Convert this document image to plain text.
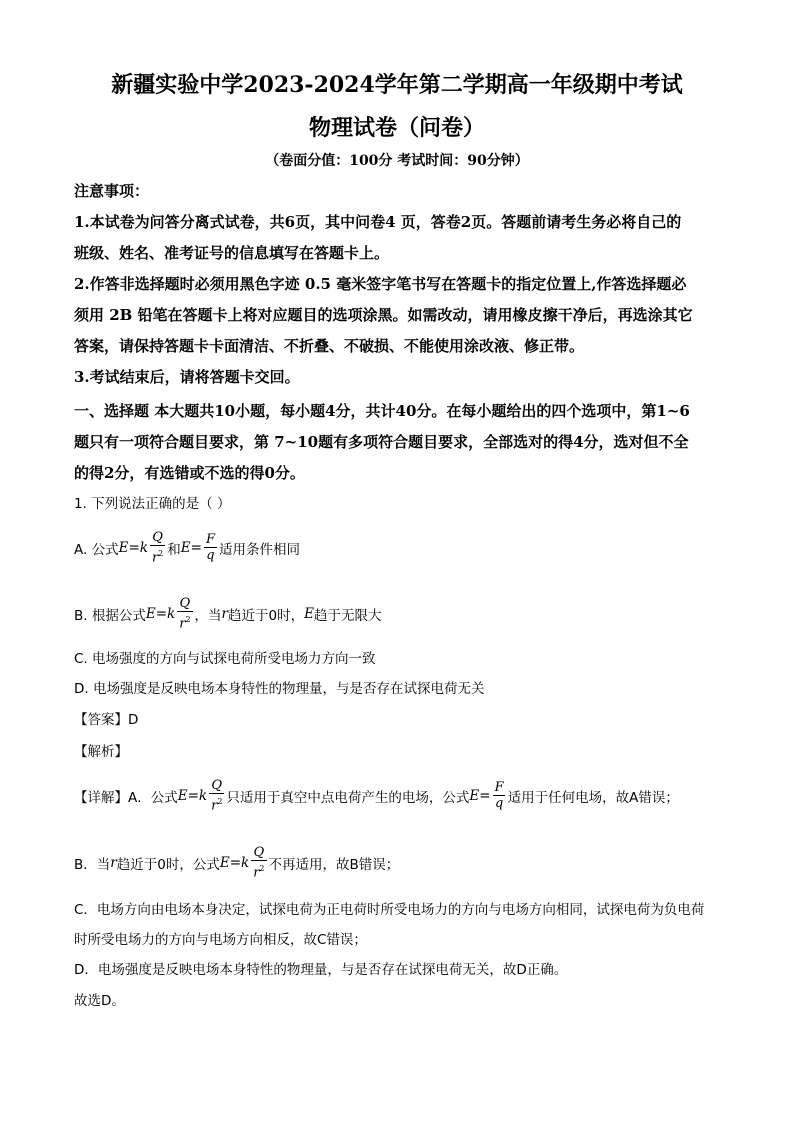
新疆实验中学2023-2024学年第二学期高一年级期中考试
物理试卷（问卷）
（卷面分值：100分 考试时间：90分钟）
注意事项：
1.本试卷为问答分离式试卷，共6页，其中问卷4 页，答卷2页。答题前请考生务必将自己的
班级、姓名、准考证号的信息填写在答题卡上。
2.作答非选择题时必须用黑色字迹 0.5 毫米签字笔书写在答题卡的指定位置上,作答选择题必
须用 2B 铅笔在答题卡上将对应题目的选项涂黑。如需改动，请用橡皮擦干净后，再选涂其它
答案，请保持答题卡卡面清洁、不折叠、不破损、不能使用涂改液、修正带。
3.考试结束后，请将答题卡交回。
一、选择题 本大题共10小题，每小题4分，共计40分。在每小题给出的四个选项中，第1~6
题只有一项符合题目要求，第 7~10题有多项符合题目要求，全部选对的得4分，选对但不全
的得2分，有选错或不选的得0分。
1. 下列说法正确的是（ ）
A. 公式 E = k $\frac{Q}{r^2}$ 和 $E = \frac{F}{q}$ 适用条件相同
B. 根据公式 E = k $\frac{Q}{r^2}$ ，当 r 趋近于0时， E 趋于无限大
C. 电场强度的方向与试探电荷所受电场力方向一致
D. 电场强度是反映电场本身特性的物理量，与是否存在试探电荷无关
【答案】D
【解析】
【详解】A．公式 E = k $\frac{Q}{r^2}$ 只适用于真空中点电荷产生的电场，公式 $E = \frac{F}{q}$ 适用于任何电场，故A错误；
B．当 r 趋近于0时，公式 E = k $\frac{Q}{r^2}$ 不再适用，故B错误；
C．电场方向由电场本身决定，试探电荷为正电荷时所受电场力的方向与电场方向相同，试探电荷为负电荷
时所受电场力的方向与电场方向相反，故C错误；
D．电场强度是反映电场本身特性的物理量，与是否存在试探电荷无关，故D正确。
故选D。
